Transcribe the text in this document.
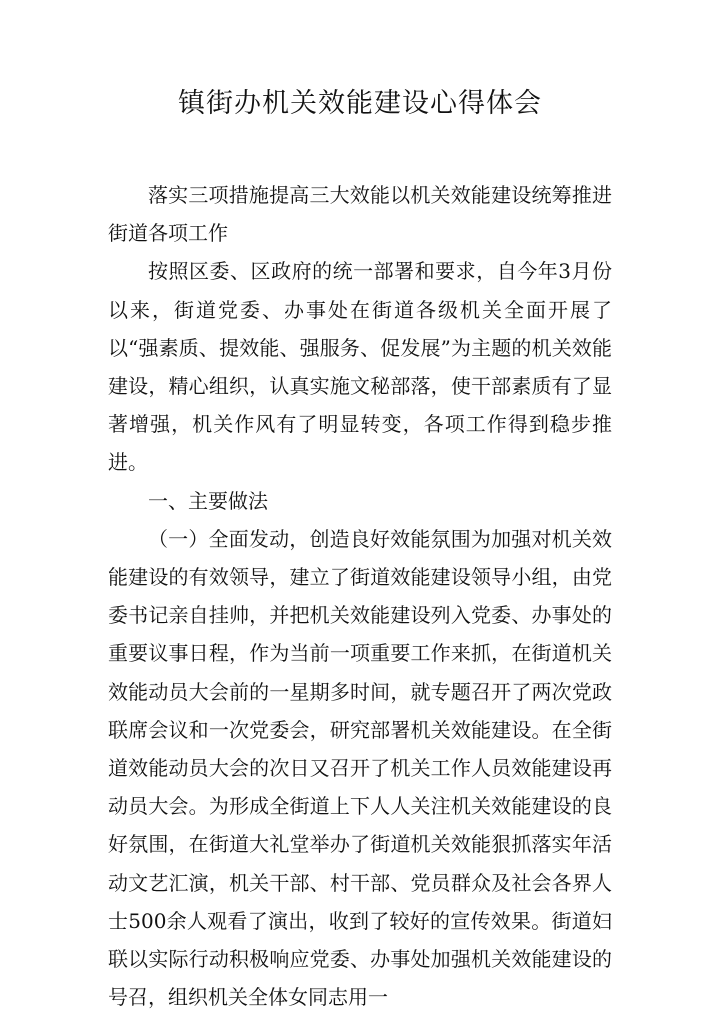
镇街办机关效能建设心得体会

落实三项措施提高三大效能以机关效能建设统筹推进街道各项工作

按照区委、区政府的统一部署和要求，自今年3月份以来，街道党委、办事处在街道各级机关全面开展了以“强素质、提效能、强服务、促发展”为主题的机关效能建设，精心组织，认真实施文秘部落，使干部素质有了显著增强，机关作风有了明显转变，各项工作得到稳步推进。

一、主要做法

（一）全面发动，创造良好效能氛围为加强对机关效能建设的有效领导，建立了街道效能建设领导小组，由党委书记亲自挂帅，并把机关效能建设列入党委、办事处的重要议事日程，作为当前一项重要工作来抓，在街道机关效能动员大会前的一星期多时间，就专题召开了两次党政联席会议和一次党委会，研究部署机关效能建设。在全街道效能动员大会的次日又召开了机关工作人员效能建设再动员大会。为形成全街道上下人人关注机关效能建设的良好氛围，在街道大礼堂举办了街道机关效能狠抓落实年活动文艺汇演，机关干部、村干部、党员群众及社会各界人士500余人观看了演出，收到了较好的宣传效果。街道妇联以实际行动积极响应党委、办事处加强机关效能建设的号召，组织机关全体女同志用一
